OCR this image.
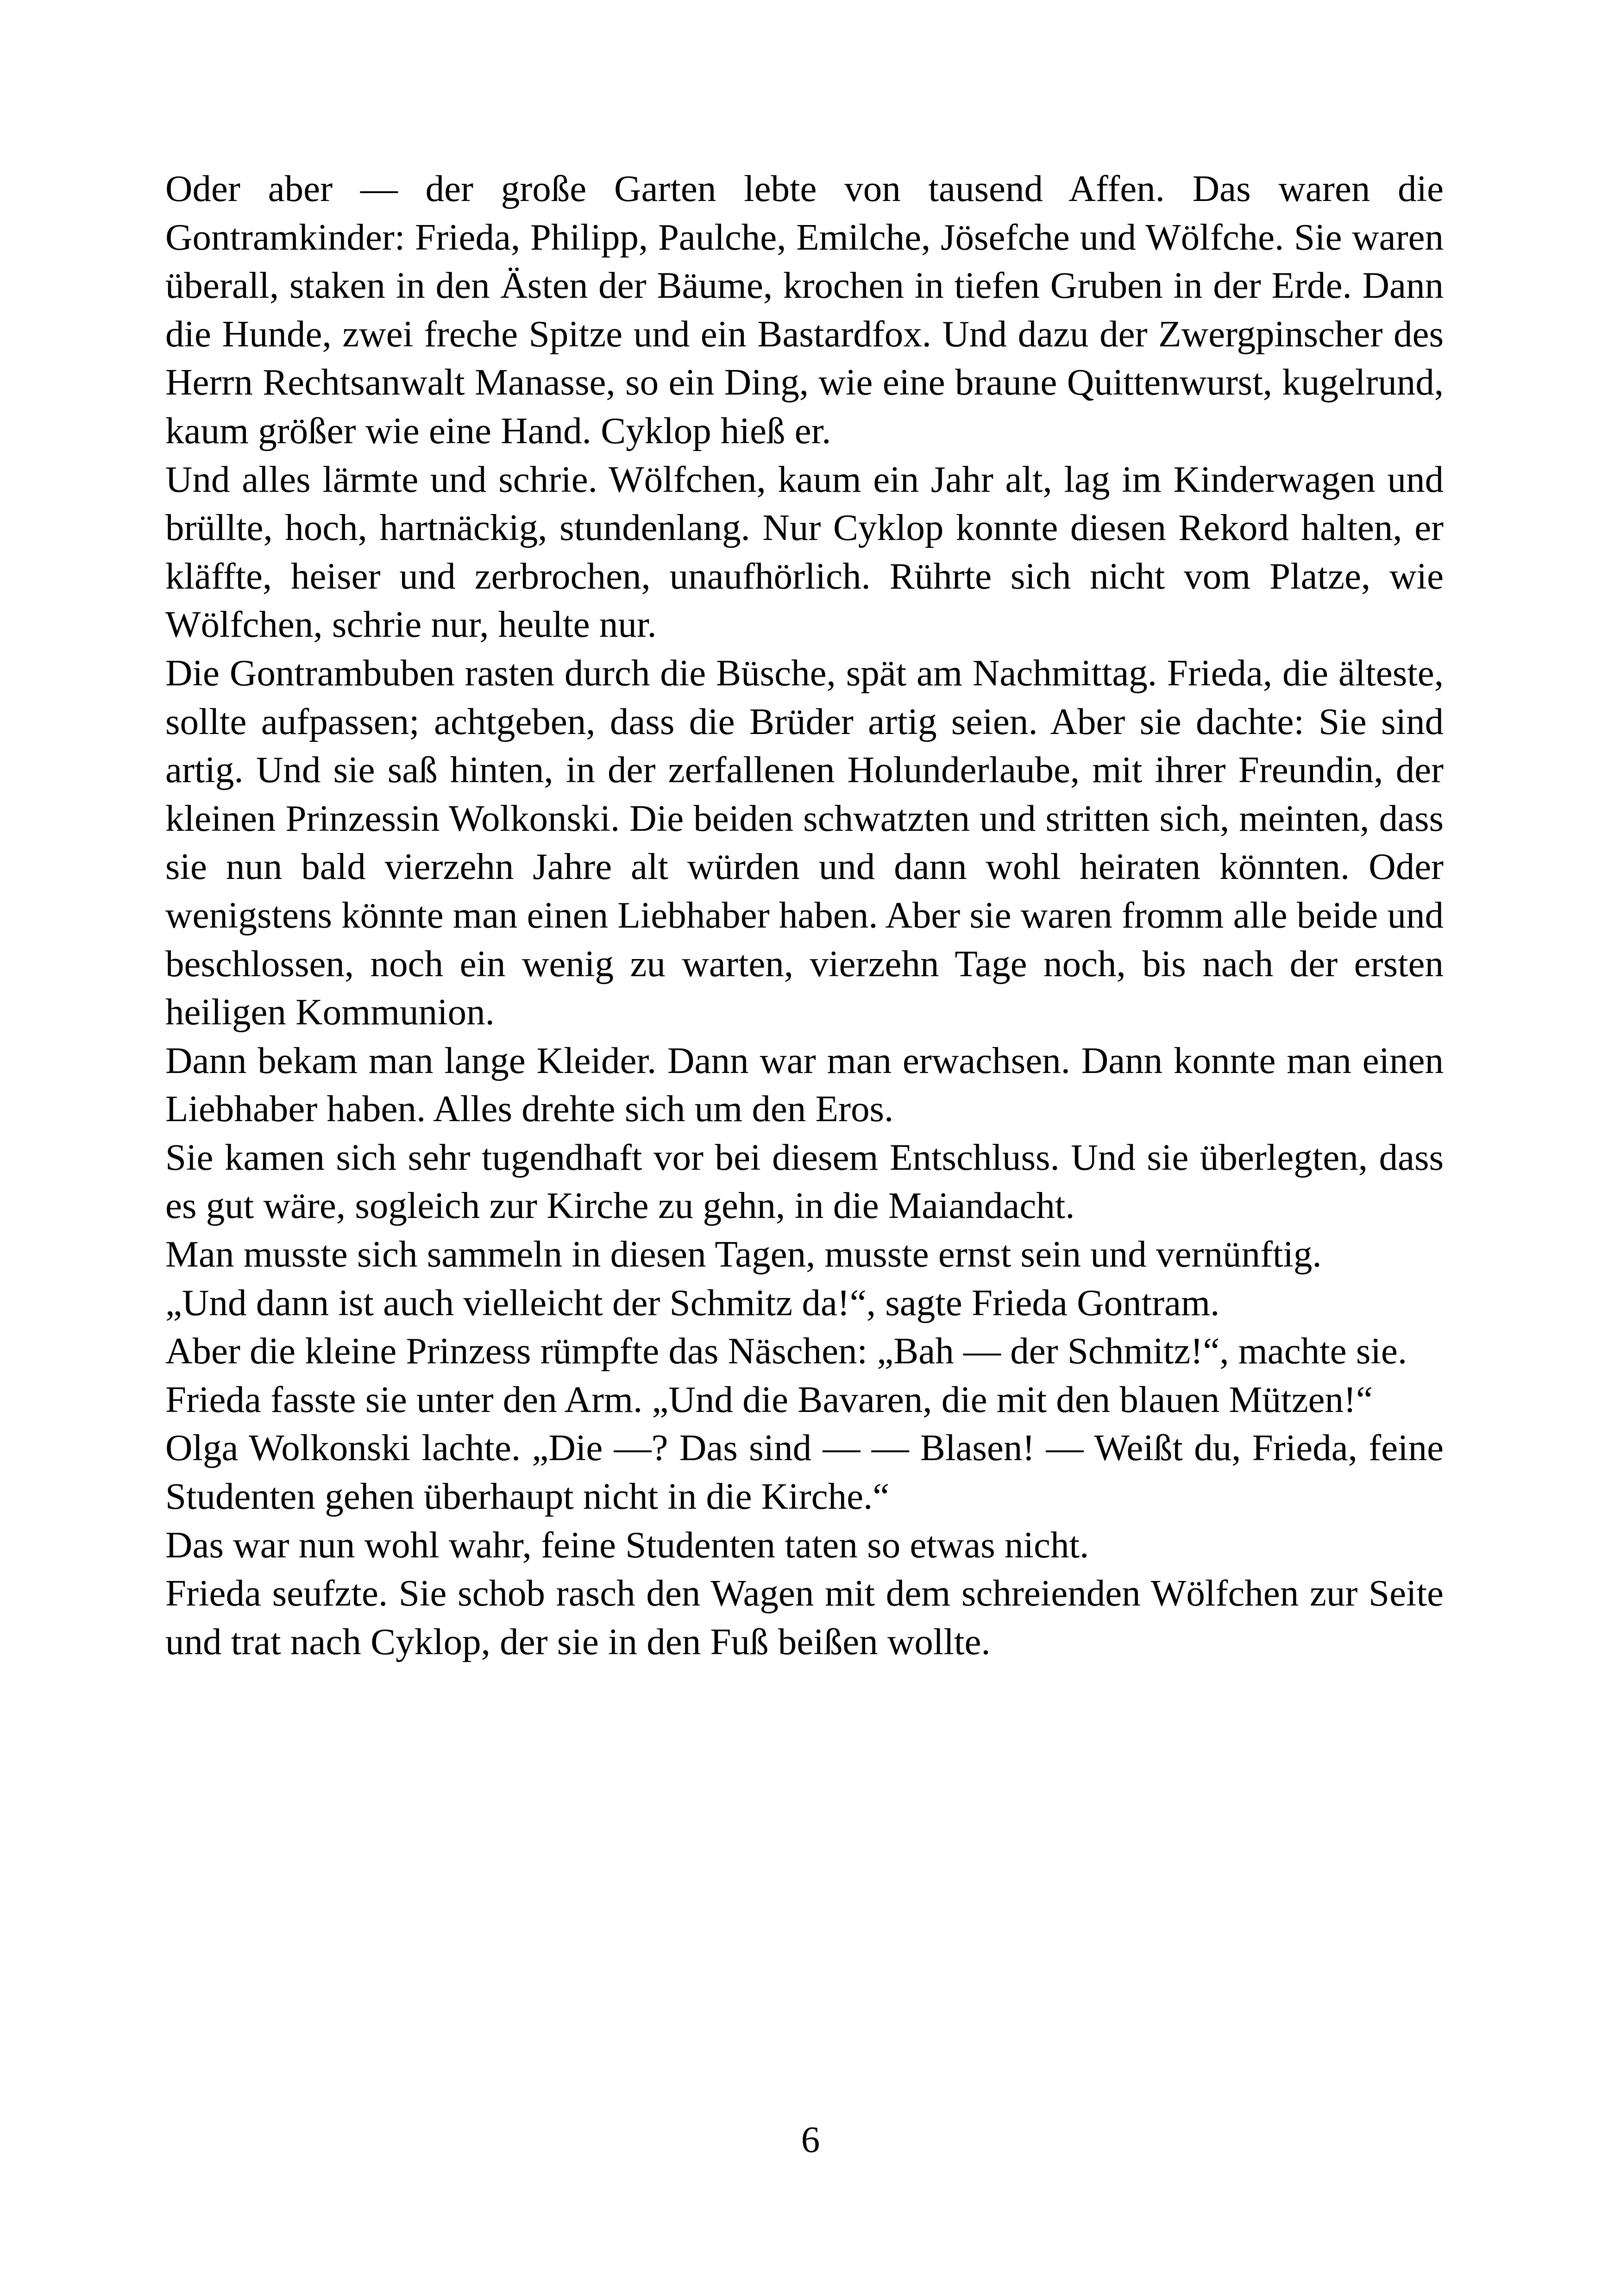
Oder aber — der große Garten lebte von tausend Affen. Das waren die Gontramkinder: Frieda, Philipp, Paulche, Emilche, Jösefche und Wölfche. Sie waren überall, staken in den Ästen der Bäume, krochen in tiefen Gruben in der Erde. Dann die Hunde, zwei freche Spitze und ein Bastardfox. Und dazu der Zwergpinscher des Herrn Rechtsanwalt Manasse, so ein Ding, wie eine braune Quittenwurst, kugelrund, kaum größer wie eine Hand. Cyklop hieß er.

Und alles lärmte und schrie. Wölfchen, kaum ein Jahr alt, lag im Kinderwagen und brüllte, hoch, hartnäckig, stundenlang. Nur Cyklop konnte diesen Rekord halten, er kläffte, heiser und zerbrochen, unaufhörlich. Rührte sich nicht vom Platze, wie Wölfchen, schrie nur, heulte nur.

Die Gontrambuben rasten durch die Büsche, spät am Nachmittag. Frieda, die älteste, sollte aufpassen; achtgeben, dass die Brüder artig seien. Aber sie dachte: Sie sind artig. Und sie saß hinten, in der zerfallenen Holunderlaube, mit ihrer Freundin, der kleinen Prinzessin Wolkonski. Die beiden schwatzten und stritten sich, meinten, dass sie nun bald vierzehn Jahre alt würden und dann wohl heiraten könnten. Oder wenigstens könnte man einen Liebhaber haben. Aber sie waren fromm alle beide und beschlossen, noch ein wenig zu warten, vierzehn Tage noch, bis nach der ersten heiligen Kommunion.

Dann bekam man lange Kleider. Dann war man erwachsen. Dann konnte man einen Liebhaber haben. Alles drehte sich um den Eros.

Sie kamen sich sehr tugendhaft vor bei diesem Entschluss. Und sie überlegten, dass es gut wäre, sogleich zur Kirche zu gehn, in die Maiandacht.

Man musste sich sammeln in diesen Tagen, musste ernst sein und vernünftig.

„Und dann ist auch vielleicht der Schmitz da!“, sagte Frieda Gontram.

Aber die kleine Prinzess rümpfte das Näschen: „Bah — der Schmitz!“, machte sie.

Frieda fasste sie unter den Arm. „Und die Bavaren, die mit den blauen Mützen!“

Olga Wolkonski lachte. „Die —? Das sind — — Blasen! — Weißt du, Frieda, feine Studenten gehen überhaupt nicht in die Kirche.“

Das war nun wohl wahr, feine Studenten taten so etwas nicht.

Frieda seufzte. Sie schob rasch den Wagen mit dem schreienden Wölfchen zur Seite und trat nach Cyklop, der sie in den Fuß beißen wollte.

6
